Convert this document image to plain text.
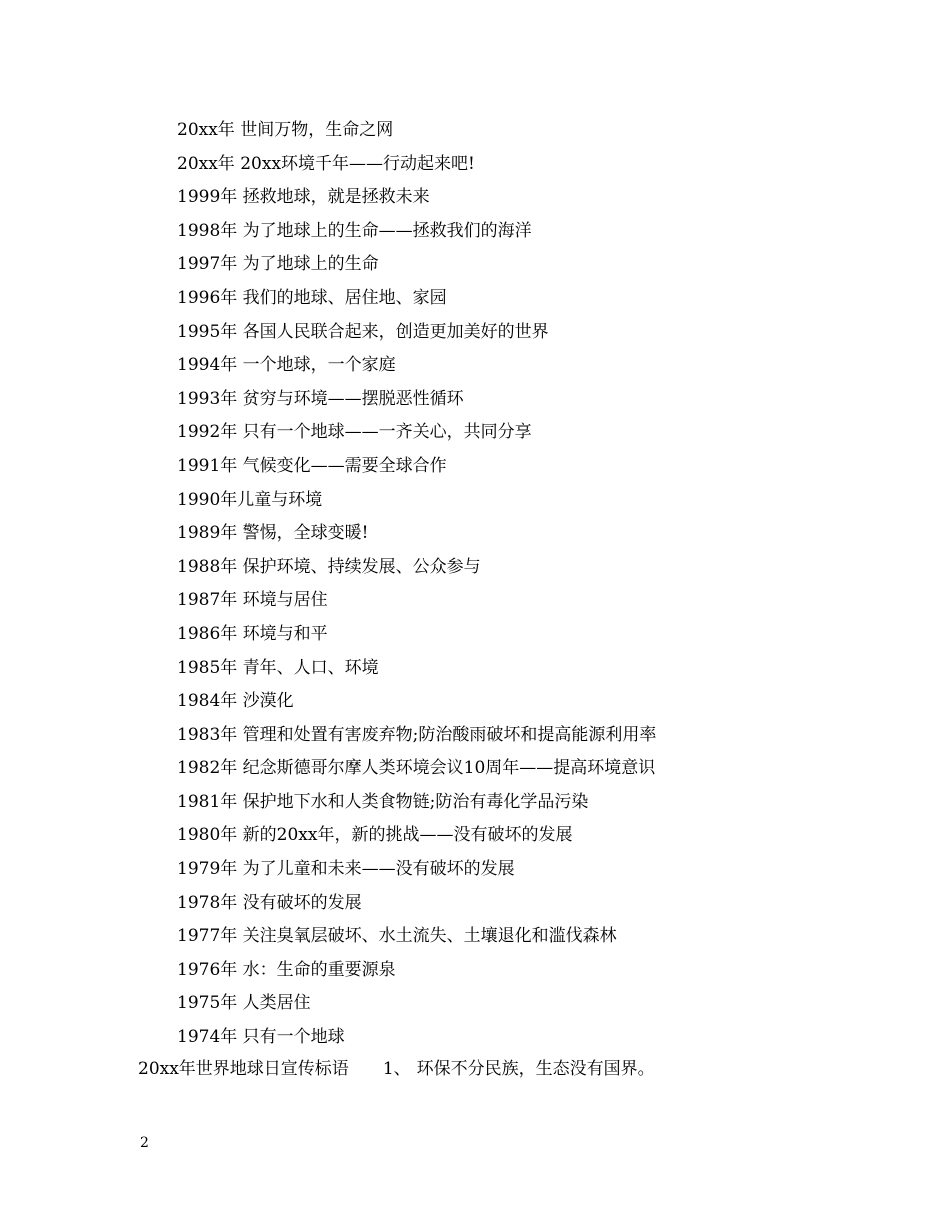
20xx年 世间万物，生命之网
20xx年 20xx环境千年——行动起来吧!
1999年 拯救地球，就是拯救未来
1998年 为了地球上的生命——拯救我们的海洋
1997年 为了地球上的生命
1996年 我们的地球、居住地、家园
1995年 各国人民联合起来，创造更加美好的世界
1994年 一个地球，一个家庭
1993年 贫穷与环境——摆脱恶性循环
1992年 只有一个地球——一齐关心，共同分享
1991年 气候变化——需要全球合作
1990年儿童与环境
1989年 警惕，全球变暖!
1988年 保护环境、持续发展、公众参与
1987年 环境与居住
1986年 环境与和平
1985年 青年、人口、环境
1984年 沙漠化
1983年 管理和处置有害废弃物;防治酸雨破坏和提高能源利用率
1982年 纪念斯德哥尔摩人类环境会议10周年——提高环境意识
1981年 保护地下水和人类食物链;防治有毒化学品污染
1980年 新的20xx年，新的挑战——没有破坏的发展
1979年 为了儿童和未来——没有破坏的发展
1978年 没有破坏的发展
1977年 关注臭氧层破坏、水土流失、土壤退化和滥伐森林
1976年 水：生命的重要源泉
1975年 人类居住
1974年 只有一个地球
20xx年世界地球日宣传标语 1、 环保不分民族，生态没有国界。
2
